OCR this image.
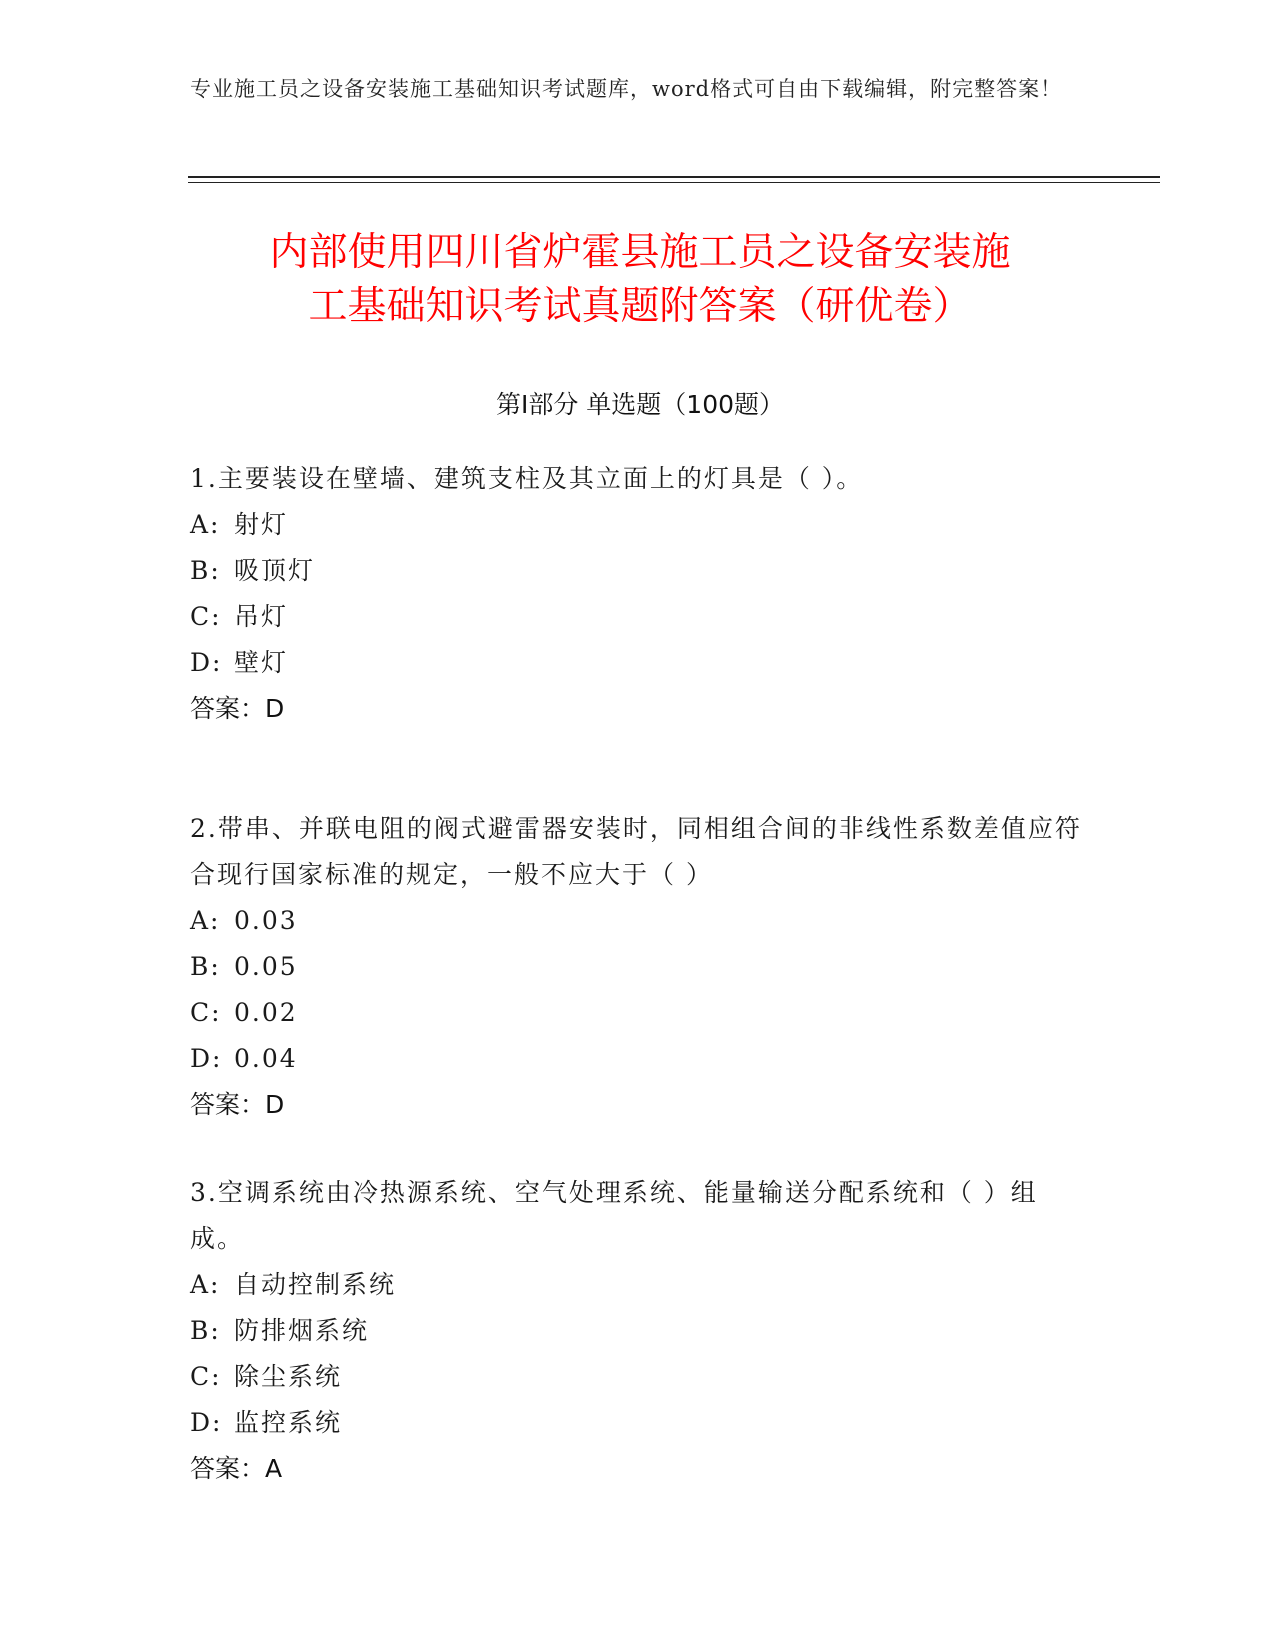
专业施工员之设备安装施工基础知识考试题库，word格式可自由下载编辑，附完整答案！
内部使用四川省炉霍县施工员之设备安装施
工基础知识考试真题附答案（研优卷）
第Ⅰ部分 单选题（100题）

1.主要装设在壁墙、建筑支柱及其立面上的灯具是（ ）。

A: 射灯

B: 吸顶灯

C: 吊灯

D: 壁灯

答案：D

2.带串、并联电阻的阀式避雷器安装时，同相组合间的非线性系数差值应符合现行国家标准的规定，一般不应大于（ ）

A: 0.03

B: 0.05

C: 0.02

D: 0.04

答案：D

3.空调系统由冷热源系统、空气处理系统、能量输送分配系统和（ ）组成。

A: 自动控制系统

B: 防排烟系统

C: 除尘系统

D: 监控系统

答案：A
